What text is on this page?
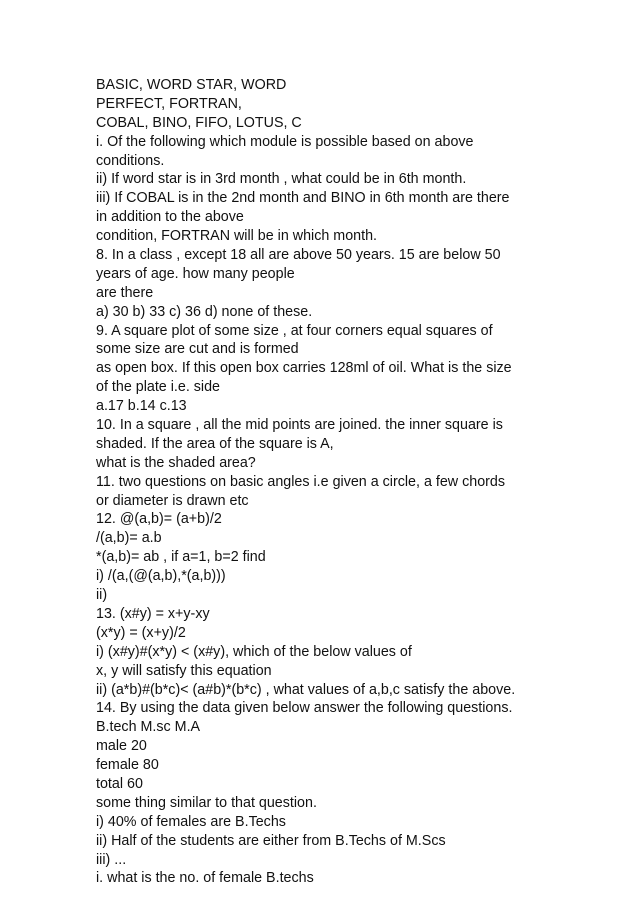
BASIC, WORD STAR, WORD
PERFECT, FORTRAN,
COBAL, BINO, FIFO, LOTUS, C
i. Of the following which module is possible based on above
conditions.
ii) If word star is in 3rd month , what could be in 6th month.
iii) If COBAL is in the 2nd month and BINO in 6th month are there
in addition to the above
condition, FORTRAN will be in which month.
8. In a class , except 18 all are above 50 years. 15 are below 50
years of age. how many people
are there
a) 30 b) 33 c) 36 d) none of these.
9. A square plot of some size , at four corners equal squares of
some size are cut and is formed
as open box. If this open box carries 128ml of oil. What is the size
of the plate i.e. side
a.17 b.14 c.13
10. In a square , all the mid points are joined. the inner square is
shaded. If the area of the square is A,
what is the shaded area?
11. two questions on basic angles i.e given a circle, a few chords
or diameter is drawn etc
12. @(a,b)= (a+b)/2
/(a,b)= a.b
*(a,b)= ab , if a=1, b=2 find
i) /(a,(@(a,b),*(a,b)))
ii)
13. (x#y) = x+y-xy
(x*y) = (x+y)/2
i) (x#y)#(x*y) < (x#y), which of the below values of
x, y will satisfy this equation
ii) (a*b)#(b*c)< (a#b)*(b*c) , what values of a,b,c satisfy the above.
14. By using the data given below answer the following questions.
B.tech M.sc M.A
male 20
female 80
total 60
some thing similar to that question.
i) 40% of females are B.Techs
ii) Half of the students are either from B.Techs of M.Scs
iii) ...
i. what is the no. of female B.techs
